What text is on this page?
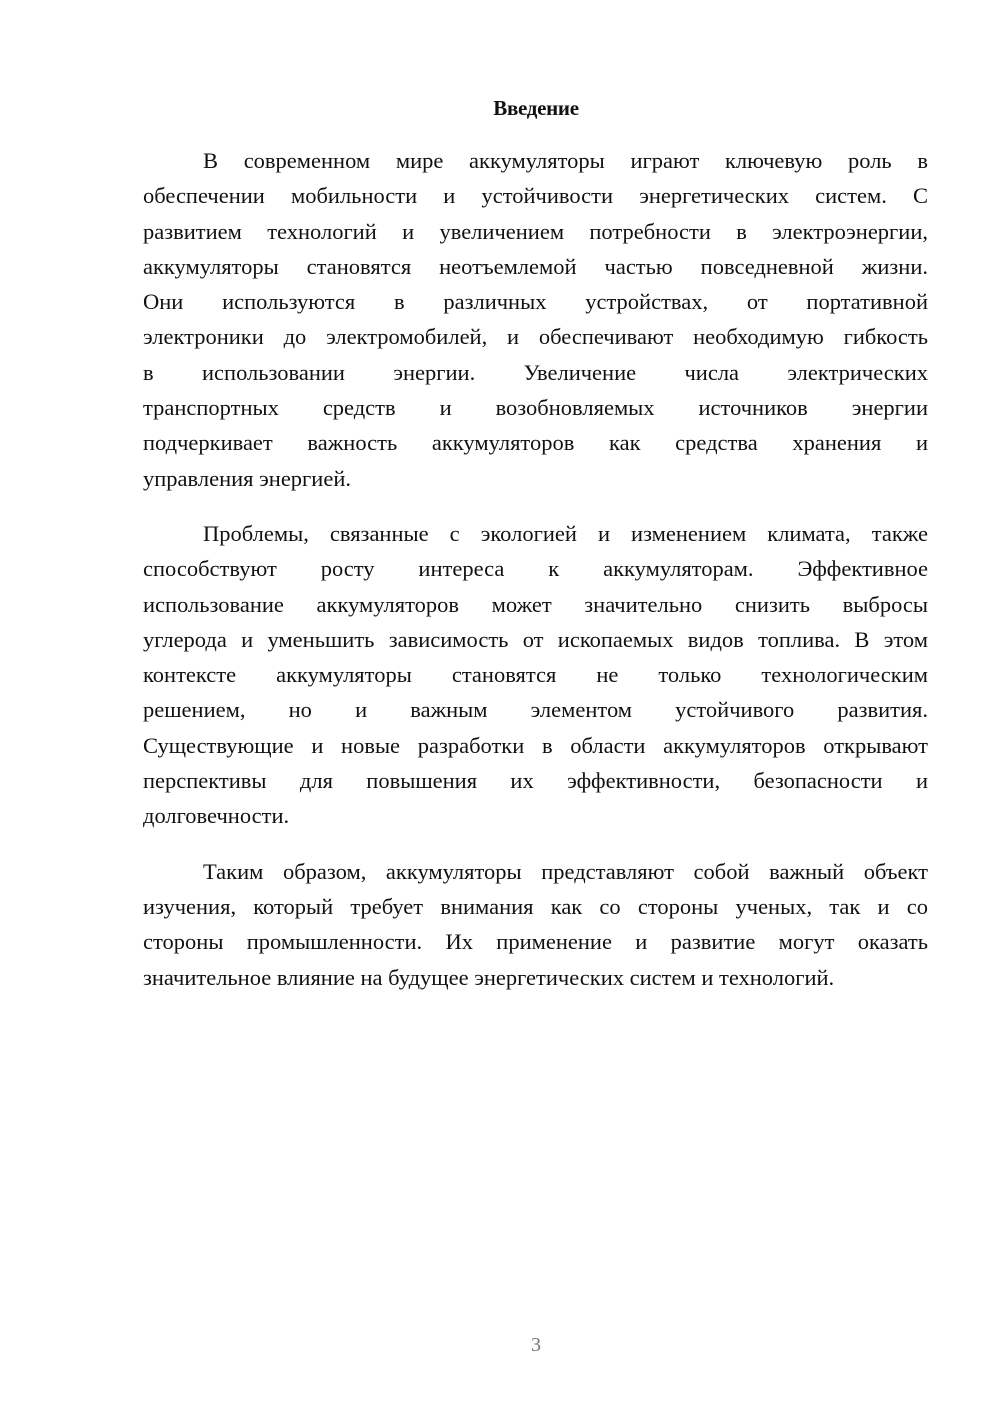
Введение
В современном мире аккумуляторы играют ключевую роль в
обеспечении мобильности и устойчивости энергетических систем. С
развитием технологий и увеличением потребности в электроэнергии,
аккумуляторы становятся неотъемлемой частью повседневной жизни.
Они используются в различных устройствах, от портативной
электроники до электромобилей, и обеспечивают необходимую гибкость
в использовании энергии. Увеличение числа электрических
транспортных средств и возобновляемых источников энергии
подчеркивает важность аккумуляторов как средства хранения и
управления энергией.
Проблемы, связанные с экологией и изменением климата, также
способствуют росту интереса к аккумуляторам. Эффективное
использование аккумуляторов может значительно снизить выбросы
углерода и уменьшить зависимость от ископаемых видов топлива. В этом
контексте аккумуляторы становятся не только технологическим
решением, но и важным элементом устойчивого развития.
Существующие и новые разработки в области аккумуляторов открывают
перспективы для повышения их эффективности, безопасности и
долговечности.
Таким образом, аккумуляторы представляют собой важный объект
изучения, который требует внимания как со стороны ученых, так и со
стороны промышленности. Их применение и развитие могут оказать
значительное влияние на будущее энергетических систем и технологий.
3
